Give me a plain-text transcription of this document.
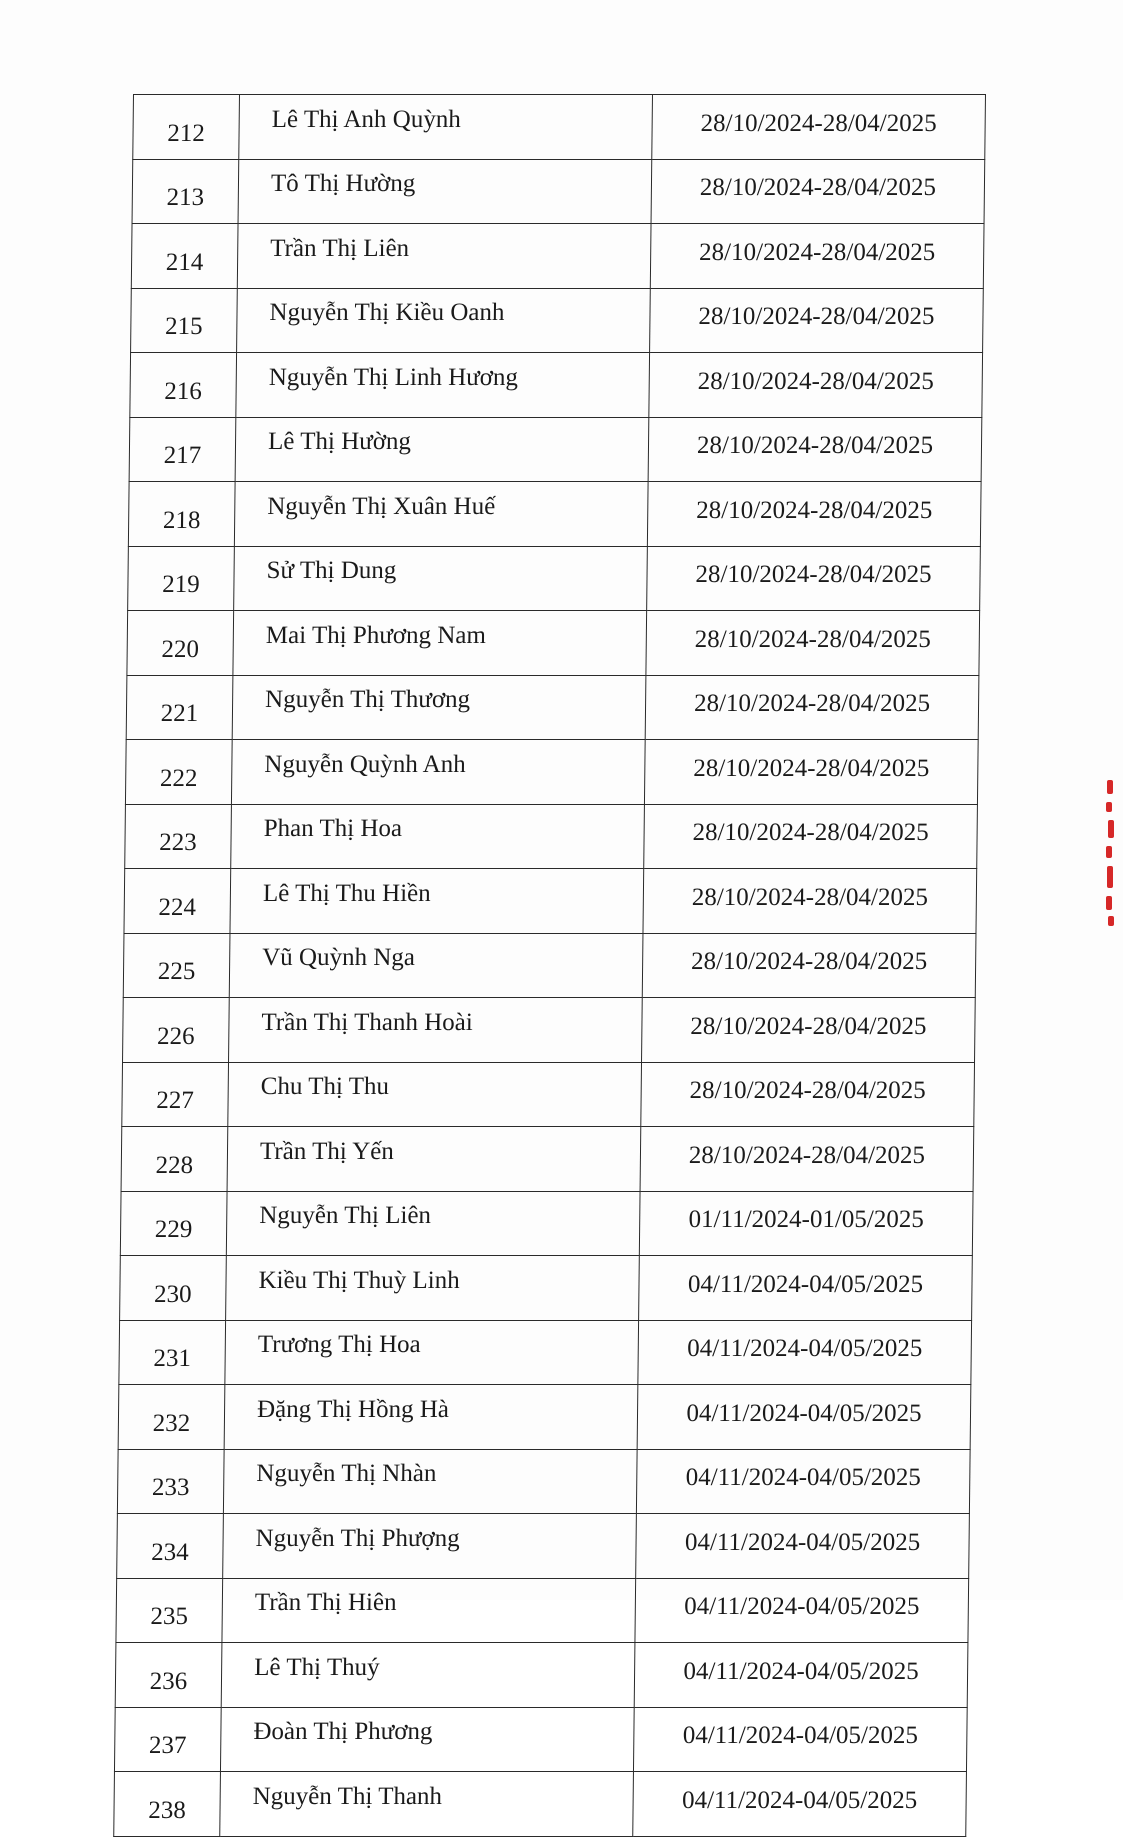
212	Lê Thị Anh Quỳnh	28/10/2024-28/04/2025
213	Tô Thị Hường	28/10/2024-28/04/2025
214	Trần Thị Liên	28/10/2024-28/04/2025
215	Nguyễn Thị Kiều Oanh	28/10/2024-28/04/2025
216	Nguyễn Thị Linh Hương	28/10/2024-28/04/2025
217	Lê Thị Hường	28/10/2024-28/04/2025
218	Nguyễn Thị Xuân Huế	28/10/2024-28/04/2025
219	Sử Thị Dung	28/10/2024-28/04/2025
220	Mai Thị Phương Nam	28/10/2024-28/04/2025
221	Nguyễn Thị Thương	28/10/2024-28/04/2025
222	Nguyễn Quỳnh Anh	28/10/2024-28/04/2025
223	Phan Thị Hoa	28/10/2024-28/04/2025
224	Lê Thị Thu Hiền	28/10/2024-28/04/2025
225	Vũ Quỳnh Nga	28/10/2024-28/04/2025
226	Trần Thị Thanh Hoài	28/10/2024-28/04/2025
227	Chu Thị Thu	28/10/2024-28/04/2025
228	Trần Thị Yến	28/10/2024-28/04/2025
229	Nguyễn Thị Liên	01/11/2024-01/05/2025
230	Kiều Thị Thuỳ Linh	04/11/2024-04/05/2025
231	Trương Thị Hoa	04/11/2024-04/05/2025
232	Đặng Thị Hồng Hà	04/11/2024-04/05/2025
233	Nguyễn Thị Nhàn	04/11/2024-04/05/2025
234	Nguyễn Thị Phượng	04/11/2024-04/05/2025
235	Trần Thị Hiên	04/11/2024-04/05/2025
236	Lê Thị Thuý	04/11/2024-04/05/2025
237	Đoàn Thị Phương	04/11/2024-04/05/2025
238	Nguyễn Thị Thanh	04/11/2024-04/05/2025
